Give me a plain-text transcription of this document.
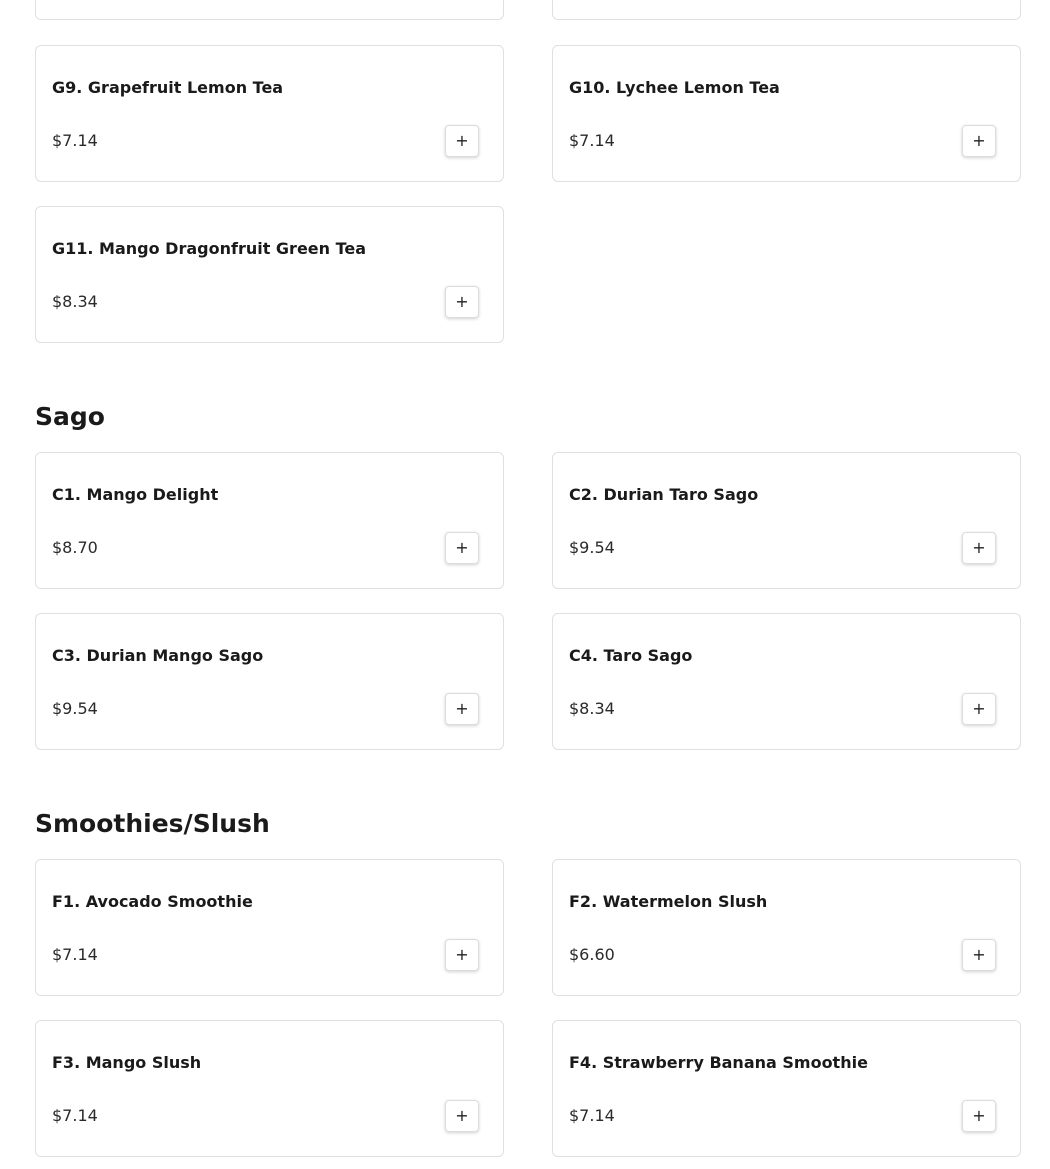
G9. Grapefruit Lemon Tea
$7.14	+
G10. Lychee Lemon Tea
$7.14	+
G11. Mango Dragonfruit Green Tea
$8.34	+
Sago
C1. Mango Delight
$8.70	+
C2. Durian Taro Sago
$9.54	+
C3. Durian Mango Sago
$9.54	+
C4. Taro Sago
$8.34	+
Smoothies/Slush
F1. Avocado Smoothie
$7.14	+
F2. Watermelon Slush
$6.60	+
F3. Mango Slush
$7.14	+
F4. Strawberry Banana Smoothie
$7.14	+
